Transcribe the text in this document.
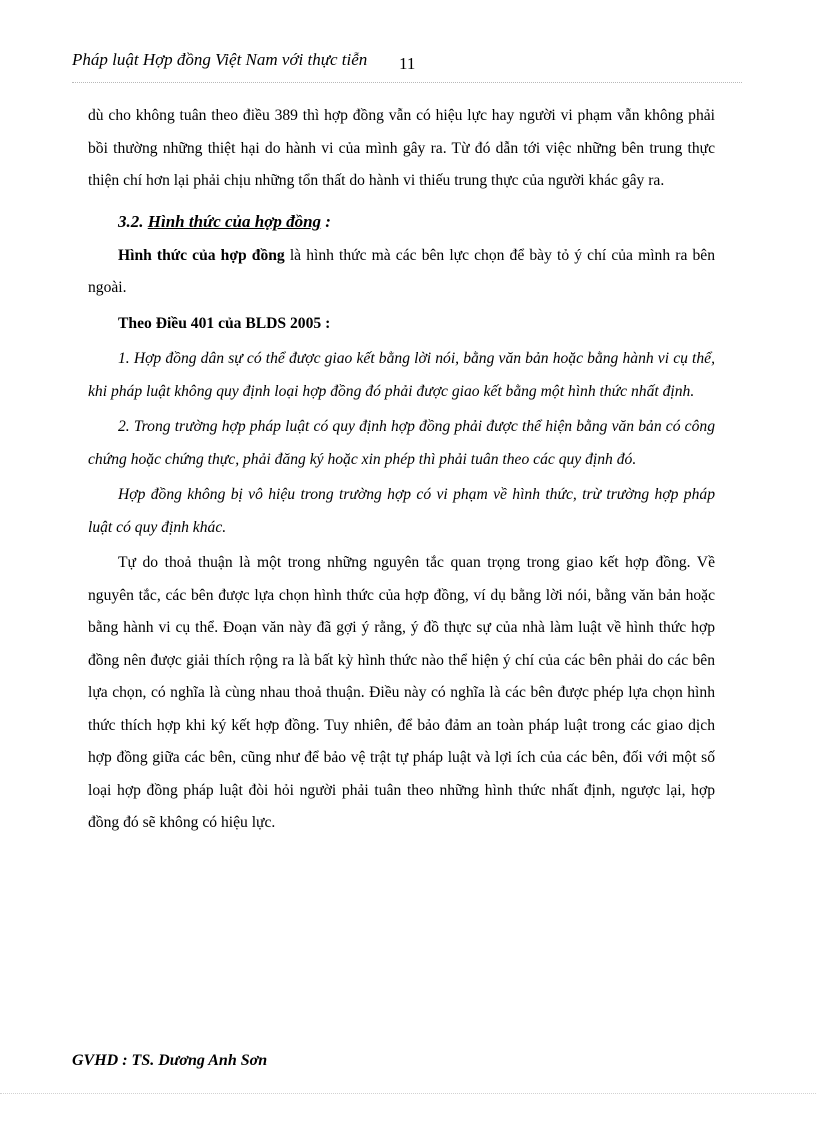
Pháp luật Hợp đồng Việt Nam với thực tiễn 11

dù cho không tuân theo điều 389 thì hợp đồng vẫn có hiệu lực hay người vi phạm vẫn không phải bồi thường những thiệt hại do hành vi của mình gây ra. Từ đó dẫn tới việc những bên trung thực thiện chí hơn lại phải chịu những tổn thất do hành vi thiếu trung thực của người khác gây ra.

3.2. Hình thức của hợp đồng :

Hình thức của hợp đồng là hình thức mà các bên lực chọn để bày tỏ ý chí của mình ra bên ngoài.

Theo Điều 401 của BLDS 2005 :

1. Hợp đồng dân sự có thể được giao kết bằng lời nói, bằng văn bản hoặc bằng hành vi cụ thể, khi pháp luật không quy định loại hợp đồng đó phải được giao kết bằng một hình thức nhất định.

2. Trong trường hợp pháp luật có quy định hợp đồng phải được thể hiện bằng văn bản có công chứng hoặc chứng thực, phải đăng ký hoặc xin phép thì phải tuân theo các quy định đó.

Hợp đồng không bị vô hiệu trong trường hợp có vi phạm về hình thức, trừ trường hợp pháp luật có quy định khác.

Tự do thoả thuận là một trong những nguyên tắc quan trọng trong giao kết hợp đồng. Về nguyên tắc, các bên được lựa chọn hình thức của hợp đồng, ví dụ bằng lời nói, bằng văn bản hoặc bằng hành vi cụ thể. Đoạn văn này đã gợi ý rằng, ý đồ thực sự của nhà làm luật về hình thức hợp đồng nên được giải thích rộng ra là bất kỳ hình thức nào thể hiện ý chí của các bên phải do các bên lựa chọn, có nghĩa là cùng nhau thoả thuận. Điều này có nghĩa là các bên được phép lựa chọn hình thức thích hợp khi ký kết hợp đồng. Tuy nhiên, để bảo đảm an toàn pháp luật trong các giao dịch hợp đồng giữa các bên, cũng như để bảo vệ trật tự pháp luật và lợi ích của các bên, đối với một số loại hợp đồng pháp luật đòi hỏi người phải tuân theo những hình thức nhất định, ngược lại, hợp đồng đó sẽ không có hiệu lực.

GVHD : TS. Dương Anh Sơn
